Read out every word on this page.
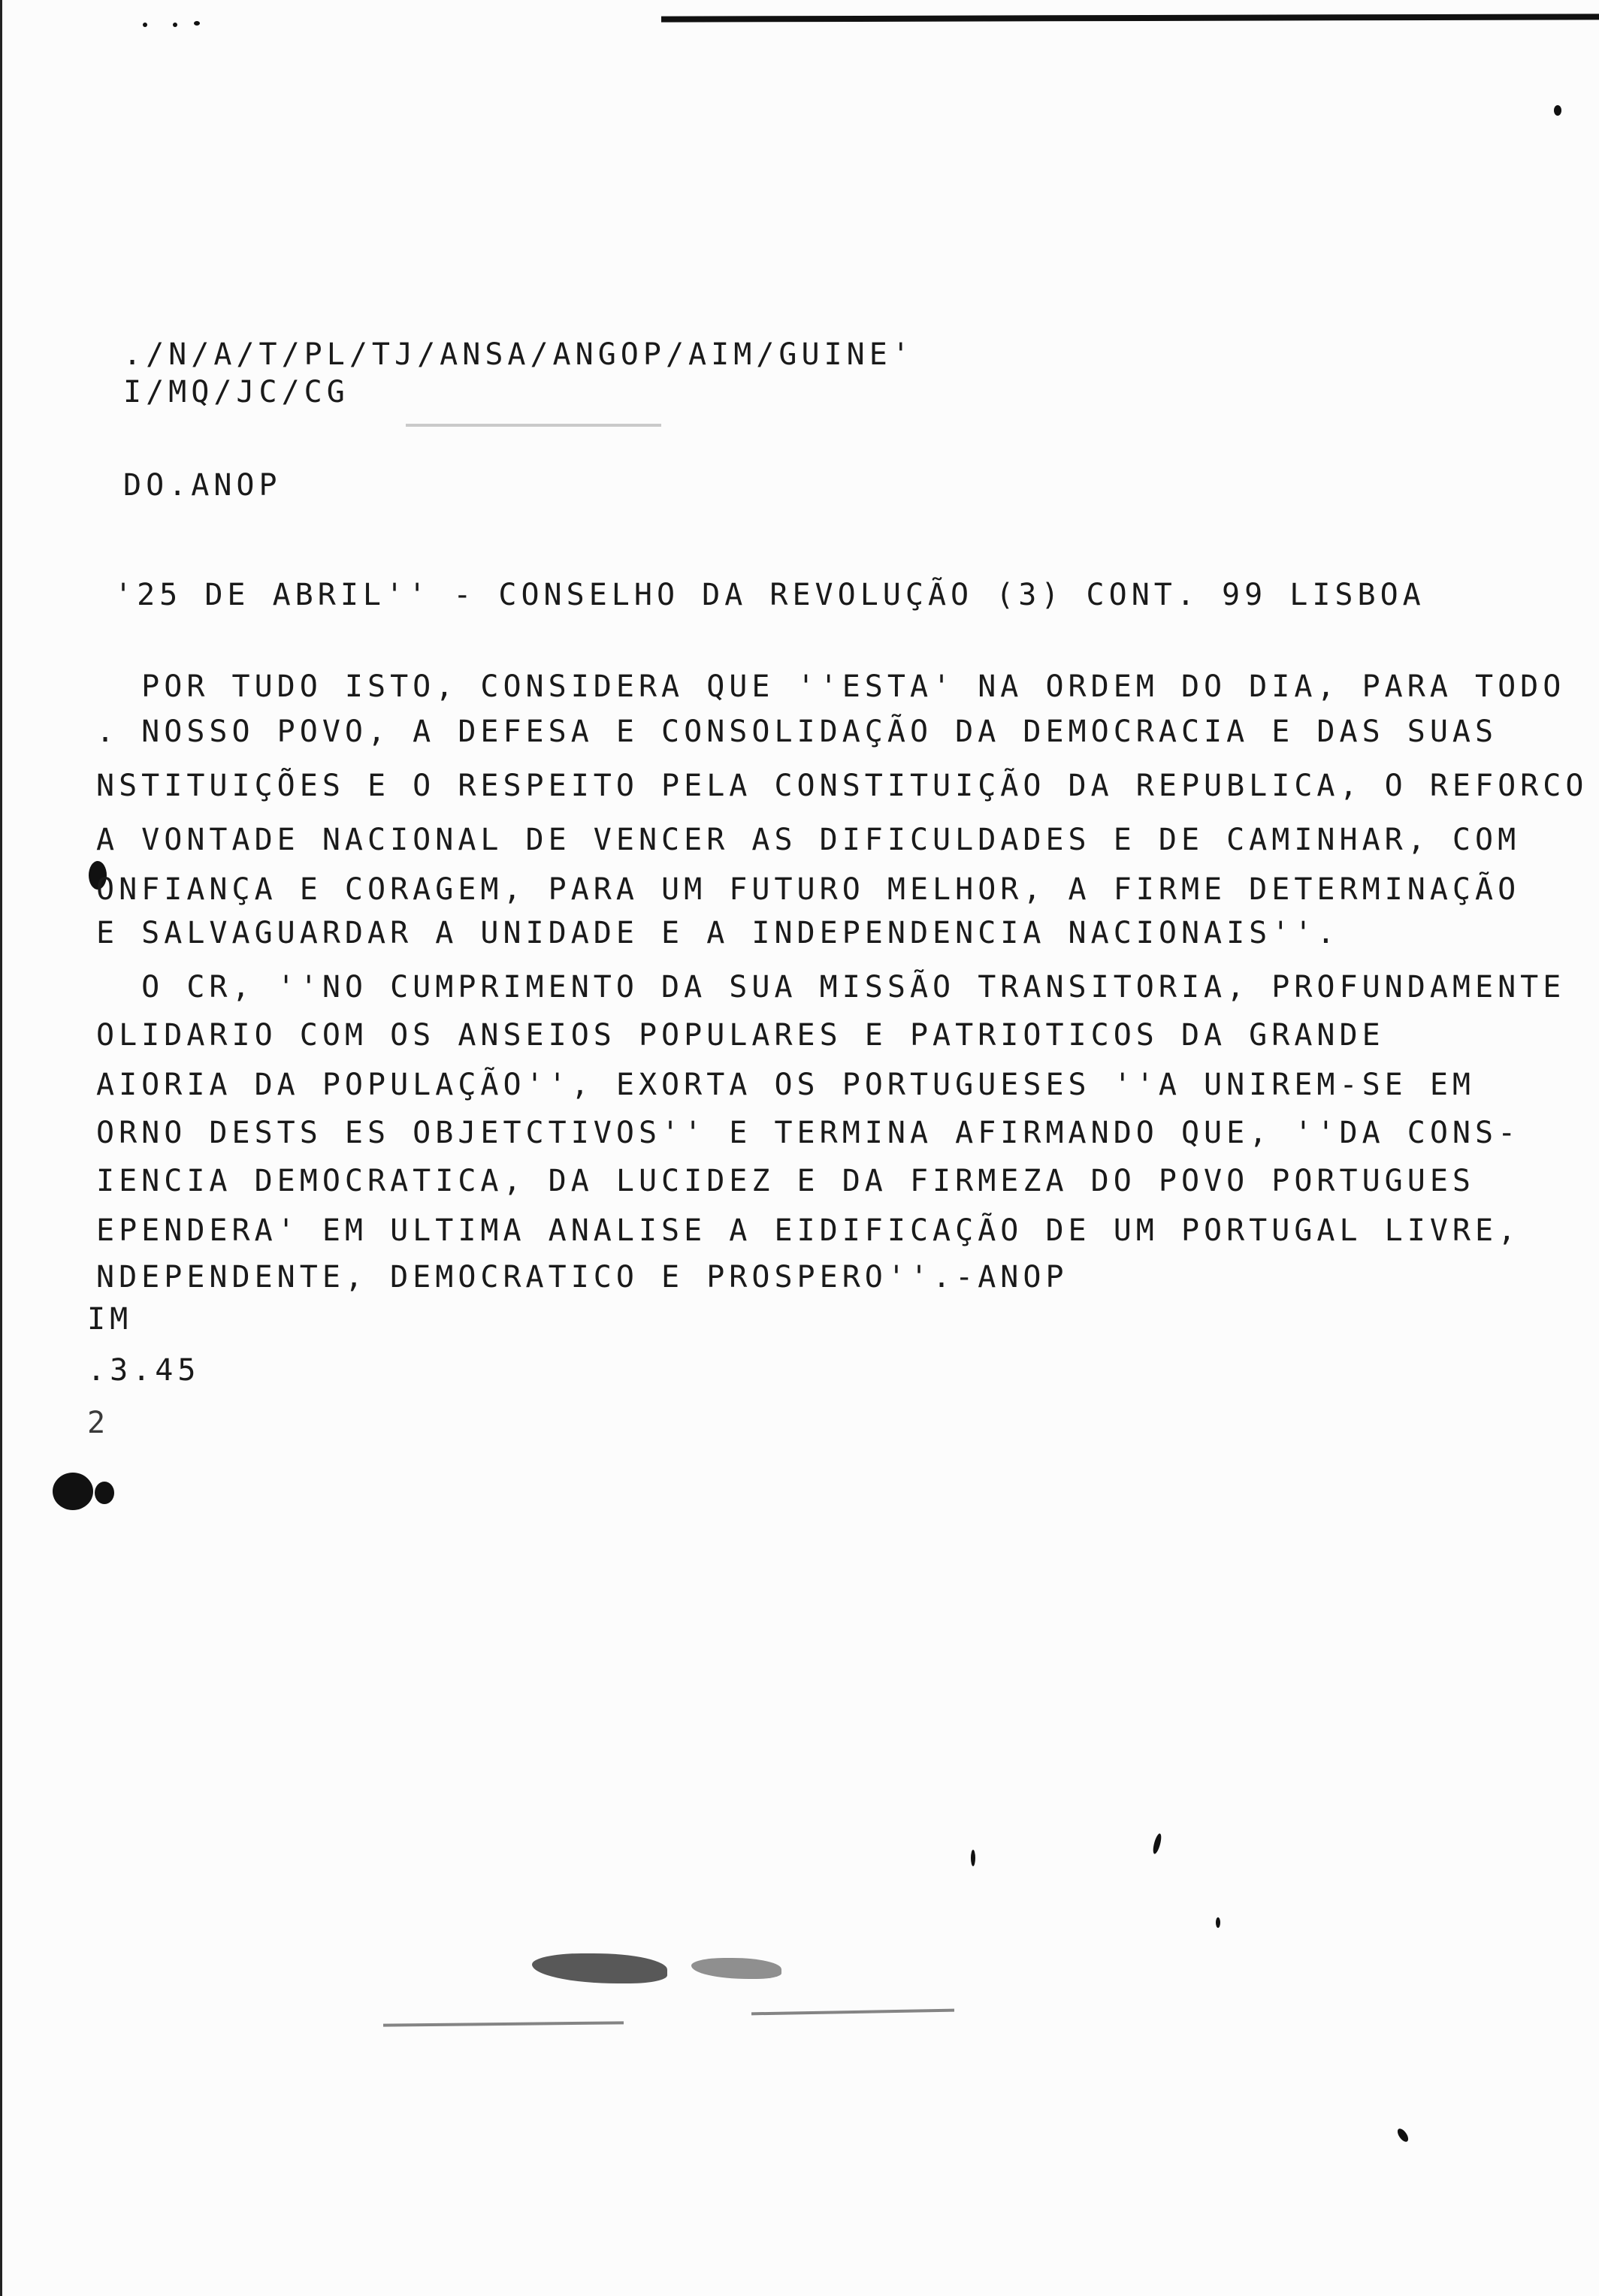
./N/A/T/PL/TJ/ANSA/ANGOP/AIM/GUINE'
I/MQ/JC/CG
DO.ANOP
'25 DE ABRIL'' - CONSELHO DA REVOLUÇÃO (3) CONT. 99 LISBOA
POR TUDO ISTO, CONSIDERA QUE ''ESTA' NA ORDEM DO DIA, PARA TODO
. NOSSO POVO, A DEFESA E CONSOLIDAÇÃO DA DEMOCRACIA E DAS SUAS
NSTITUIÇÕES E O RESPEITO PELA CONSTITUIÇÃO DA REPUBLICA, O REFORCO
A VONTADE NACIONAL DE VENCER AS DIFICULDADES E DE CAMINHAR, COM
ONFIANÇA E CORAGEM, PARA UM FUTURO MELHOR, A FIRME DETERMINAÇÃO
E SALVAGUARDAR A UNIDADE E A INDEPENDENCIA NACIONAIS''.
O CR, ''NO CUMPRIMENTO DA SUA MISSÃO TRANSITORIA, PROFUNDAMENTE
OLIDARIO COM OS ANSEIOS POPULARES E PATRIOTICOS DA GRANDE
AIORIA DA POPULAÇÃO'', EXORTA OS PORTUGUESES ''A UNIREM-SE EM
ORNO DESTS ES OBJETCTIVOS'' E TERMINA AFIRMANDO QUE, ''DA CONS-
IENCIA DEMOCRATICA, DA LUCIDEZ E DA FIRMEZA DO POVO PORTUGUES
EPENDERA' EM ULTIMA ANALISE A EIDIFICAÇÃO DE UM PORTUGAL LIVRE,
NDEPENDENTE, DEMOCRATICO E PROSPERO''.-ANOP
IM
.3.45
2
